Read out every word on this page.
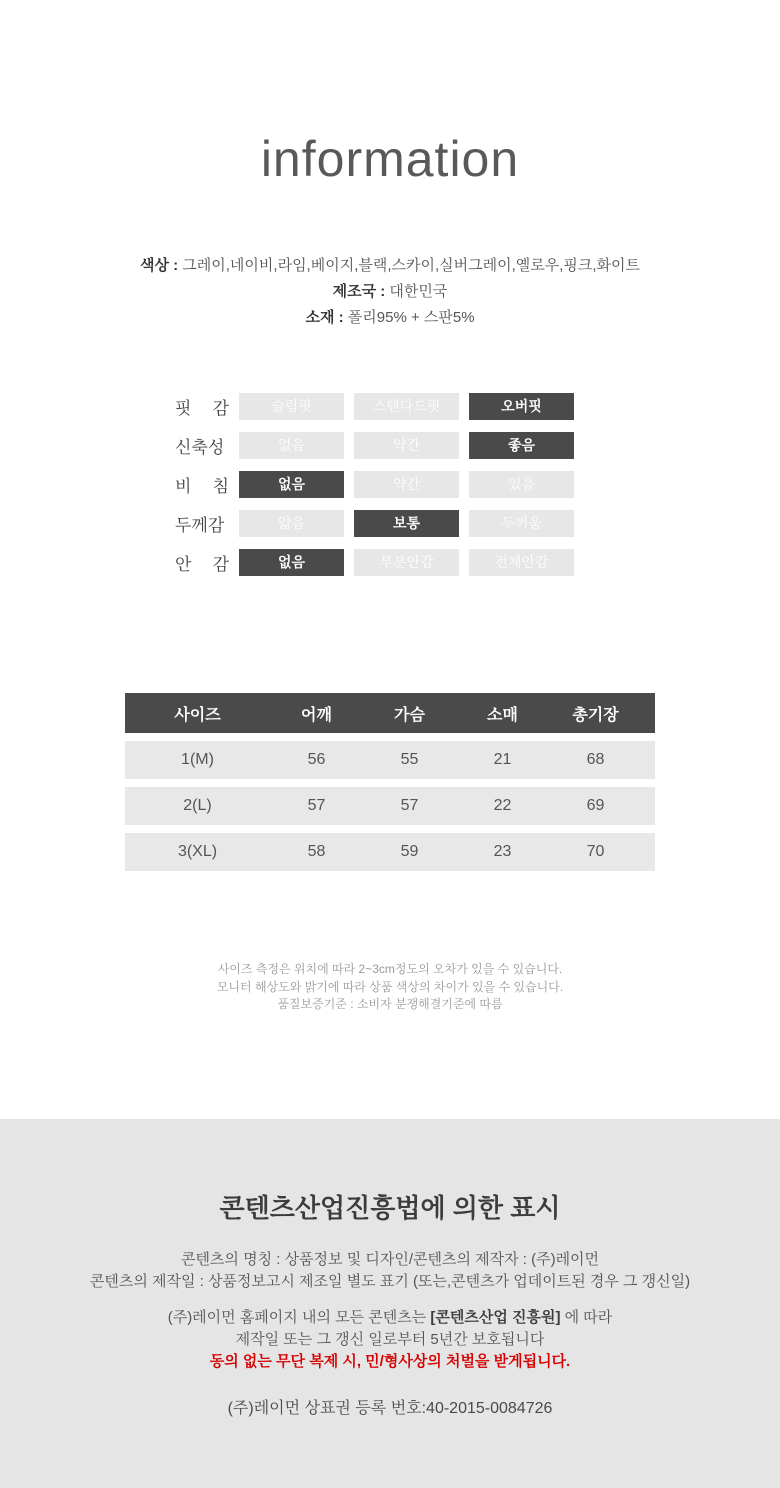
information
색상 : 그레이,네이비,라임,베이지,블랙,스카이,실버그레이,옐로우,핑크,화이트
제조국 : 대한민국
소재 : 폴리95% + 스판5%
핏 감	슬림핏	스탠다드핏	오버핏
신축성	없음	약간	좋음
비 침	없음	약간	있음
두께감	얇음	보통	두꺼움
안 감	없음	부분안감	전체안감
사이즈	어깨	가슴	소매	총기장
1(M)	56	55	21	68
2(L)	57	57	22	69
3(XL)	58	59	23	70
사이즈 측정은 위치에 따라 2~3cm정도의 오차가 있을 수 있습니다.
모니터 해상도와 밝기에 따라 상품 색상의 차이가 있을 수 있습니다.
품질보증기준 : 소비자 분쟁해결기준에 따름
콘텐츠산업진흥법에 의한 표시
콘텐츠의 명칭 : 상품정보 및 디자인/콘텐츠의 제작자 : (주)레이먼
콘텐츠의 제작일 : 상품정보고시 제조일 별도 표기 (또는,콘텐츠가 업데이트된 경우 그 갱신일)
(주)레이먼 홈페이지 내의 모든 콘텐츠는 [콘텐츠산업 진흥원] 에 따라
제작일 또는 그 갱신 일로부터 5년간 보호됩니다
동의 없는 무단 복제 시, 민/형사상의 처벌을 받게됩니다.
(주)레이먼 상표권 등록 번호:40-2015-0084726
